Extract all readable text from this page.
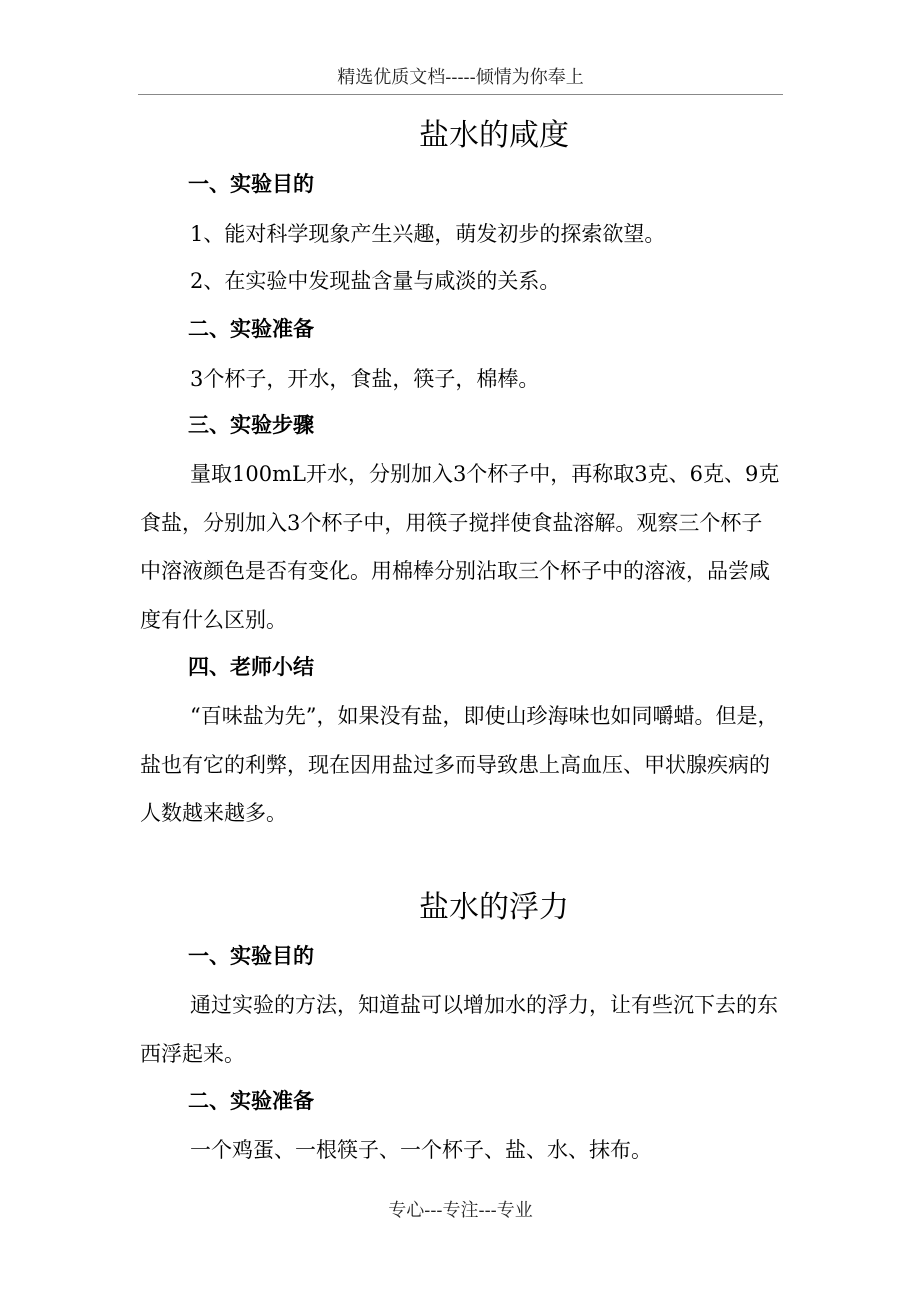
精选优质文档-----倾情为你奉上
盐水的咸度
一、实验目的

1、能对科学现象产生兴趣，萌发初步的探索欲望。

2、在实验中发现盐含量与咸淡的关系。

二、实验准备

3个杯子，开水，食盐，筷子，棉棒。

三、实验步骤

量取100mL开水，分别加入3个杯子中，再称取3克、6克、9克食盐，分别加入3个杯子中，用筷子搅拌使食盐溶解。观察三个杯子中溶液颜色是否有变化。用棉棒分别沾取三个杯子中的溶液，品尝咸度有什么区别。

四、老师小结

“百味盐为先”，如果没有盐，即使山珍海味也如同嚼蜡。但是，盐也有它的利弊，现在因用盐过多而导致患上高血压、甲状腺疾病的人数越来越多。

盐水的浮力
一、实验目的

通过实验的方法，知道盐可以增加水的浮力，让有些沉下去的东西浮起来。

二、实验准备

一个鸡蛋、一根筷子、一个杯子、盐、水、抹布。

专心---专注---专业
